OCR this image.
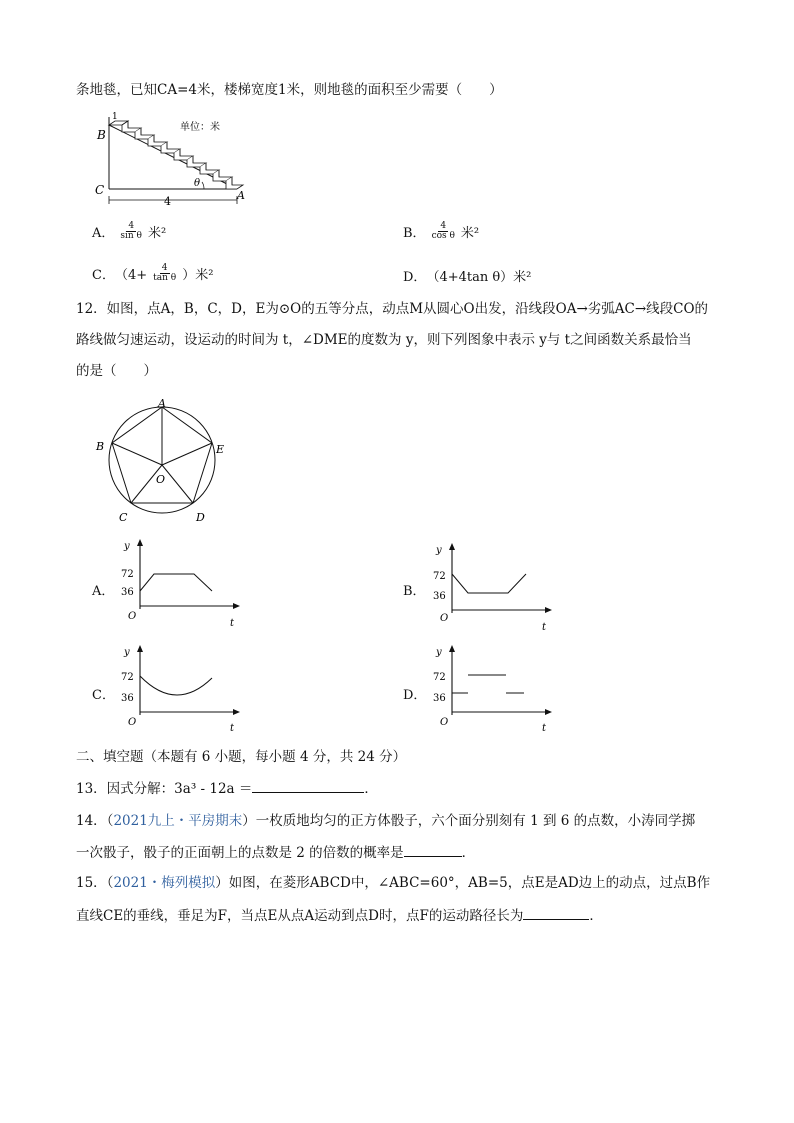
条地毯，已知CA=4米，楼梯宽度1米，则地毯的面积至少需要（　　）
θ
B
C	A
1
4
单位：米
A． $\frac{4}{\text{sin θ}}$ 米²	B． $\frac{4}{\text{cos θ}}$ 米²
C． （$4+ \frac{4}{\text{tan θ}}$ ）米²	D． （4+4tan θ）米²
12．如图，点A，B，C，D，E为⊙O的五等分点，动点M从圆心O出发，沿线段OA→劣弧AC→线段CO的
路线做匀速运动，设运动的时间为 t，∠DME的度数为 y，则下列图象中表示 y与 t之间函数关系最恰当
的是（　　）
A
B	E
C	D
O
A．
y
72
36
O
t
B．
y
72
36
O
t
C．
y
72
36
O
t
D．
y
72
36
O
t
二、填空题（本题有 6 小题，每小题 4 分，共 24 分）
13．因式分解：3a³ - 12a ＝	．
14．（2021九上・平房期末）一枚质地均匀的正方体骰子，六个面分别刻有 1 到 6 的点数，小涛同学掷
一次骰子，骰子的正面朝上的点数是 2 的倍数的概率是	．
15．（2021・梅列模拟）如图，在菱形ABCD中，∠ABC=60°，AB=5，点E是AD边上的动点，过点B作
直线CE的垂线，垂足为F，当点E从点A运动到点D时，点F的运动路径长为	．
